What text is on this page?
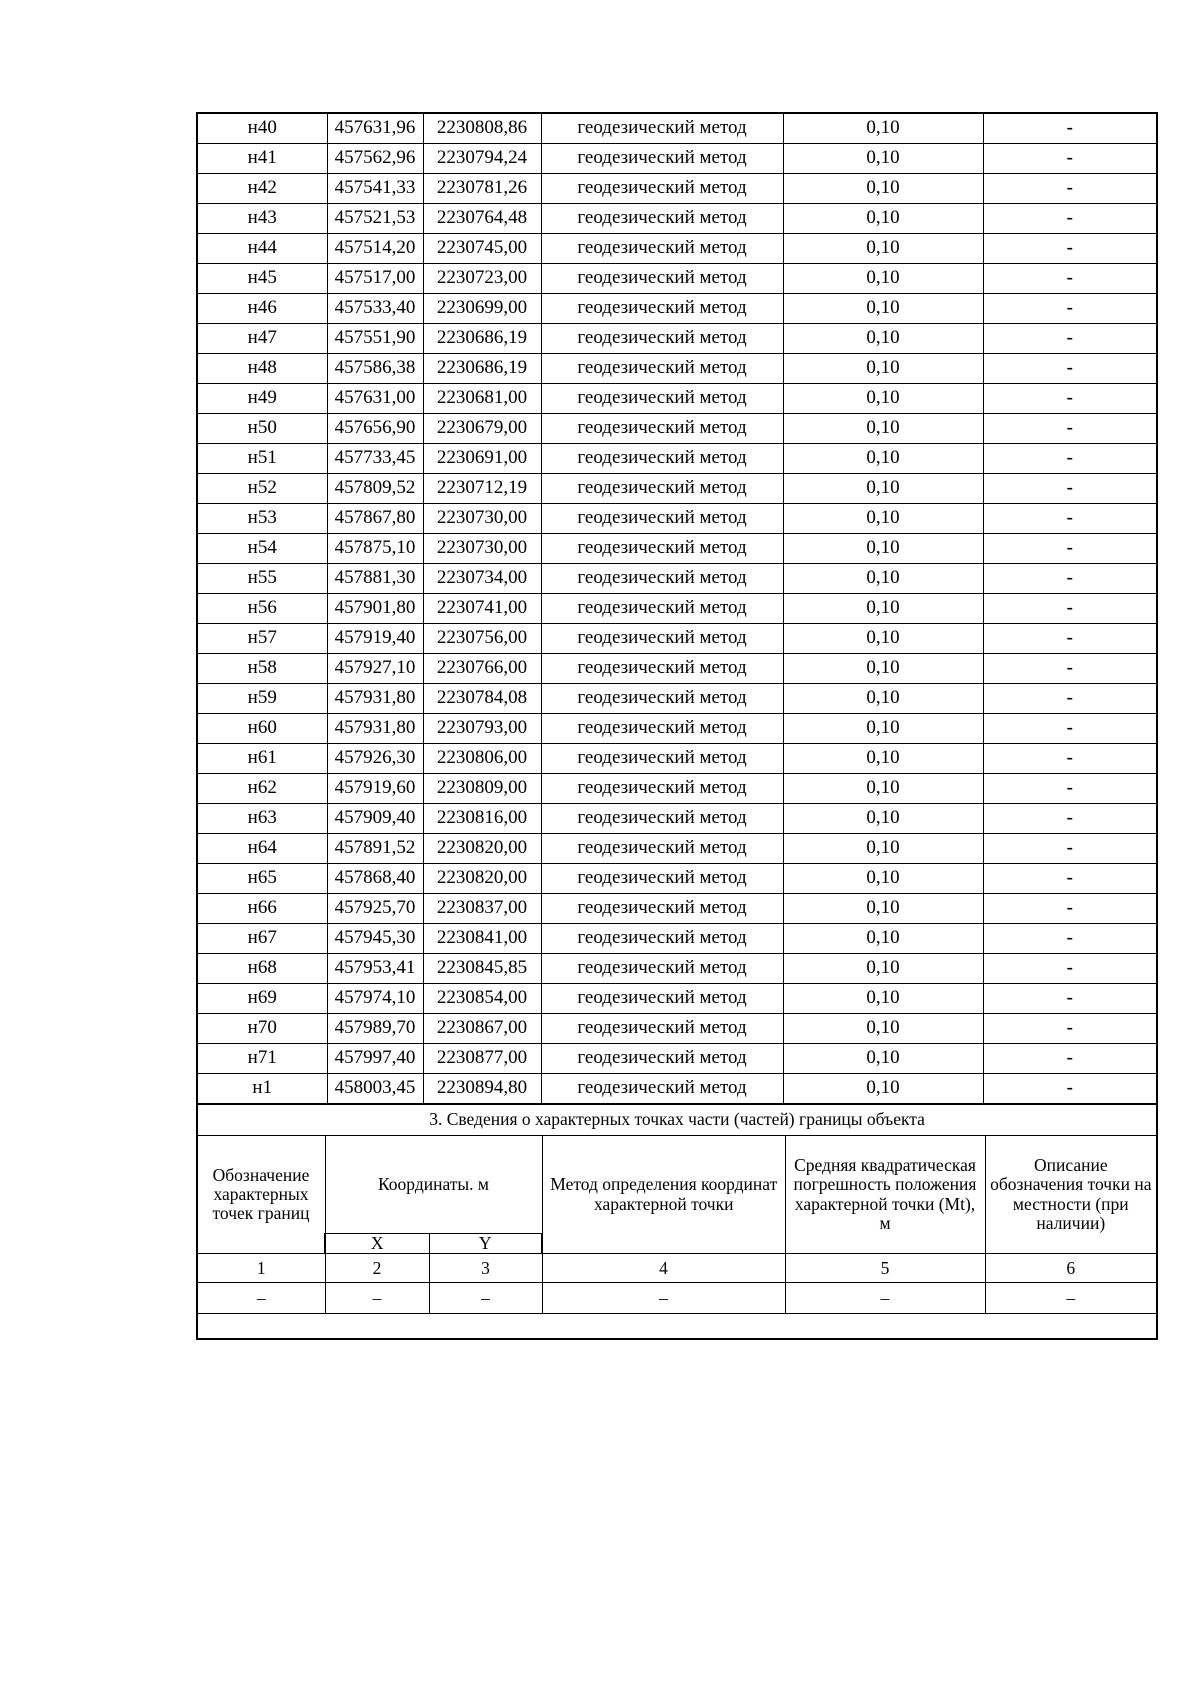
н40	457631,96	2230808,86	геодезический метод	0,10	-
н41	457562,96	2230794,24	геодезический метод	0,10	-
н42	457541,33	2230781,26	геодезический метод	0,10	-
н43	457521,53	2230764,48	геодезический метод	0,10	-
н44	457514,20	2230745,00	геодезический метод	0,10	-
н45	457517,00	2230723,00	геодезический метод	0,10	-
н46	457533,40	2230699,00	геодезический метод	0,10	-
н47	457551,90	2230686,19	геодезический метод	0,10	-
н48	457586,38	2230686,19	геодезический метод	0,10	-
н49	457631,00	2230681,00	геодезический метод	0,10	-
н50	457656,90	2230679,00	геодезический метод	0,10	-
н51	457733,45	2230691,00	геодезический метод	0,10	-
н52	457809,52	2230712,19	геодезический метод	0,10	-
н53	457867,80	2230730,00	геодезический метод	0,10	-
н54	457875,10	2230730,00	геодезический метод	0,10	-
н55	457881,30	2230734,00	геодезический метод	0,10	-
н56	457901,80	2230741,00	геодезический метод	0,10	-
н57	457919,40	2230756,00	геодезический метод	0,10	-
н58	457927,10	2230766,00	геодезический метод	0,10	-
н59	457931,80	2230784,08	геодезический метод	0,10	-
н60	457931,80	2230793,00	геодезический метод	0,10	-
н61	457926,30	2230806,00	геодезический метод	0,10	-
н62	457919,60	2230809,00	геодезический метод	0,10	-
н63	457909,40	2230816,00	геодезический метод	0,10	-
н64	457891,52	2230820,00	геодезический метод	0,10	-
н65	457868,40	2230820,00	геодезический метод	0,10	-
н66	457925,70	2230837,00	геодезический метод	0,10	-
н67	457945,30	2230841,00	геодезический метод	0,10	-
н68	457953,41	2230845,85	геодезический метод	0,10	-
н69	457974,10	2230854,00	геодезический метод	0,10	-
н70	457989,70	2230867,00	геодезический метод	0,10	-
н71	457997,40	2230877,00	геодезический метод	0,10	-
н1	458003,45	2230894,80	геодезический метод	0,10	-
3. Сведения о характерных точках части (частей) границы объекта					
Обозначение характерных точек границ	Координаты. м		Метод определения координат характерной точки	Средняя квадратическая погрешность положения характерной точки (Mt), м	Описание обозначения точки на местности (при наличии)
	X	Y			
1	2	3	4	5	6
–	–	–	–	–	–
